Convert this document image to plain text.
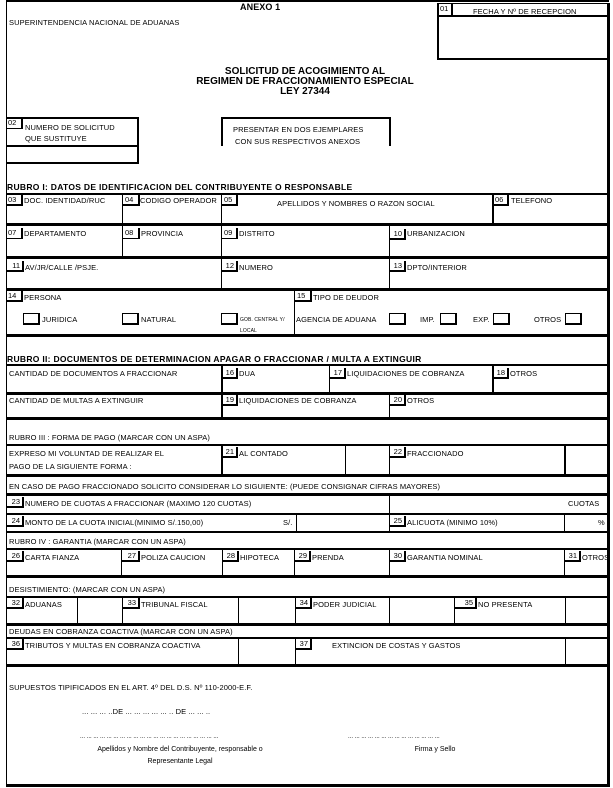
ANEXO 1
SUPERINTENDENCIA NACIONAL DE ADUANAS
01	FECHA Y Nº DE RECEPCION
SOLICITUD DE ACOGIMIENTO AL
REGIMEN DE FRACCIONAMIENTO ESPECIAL
LEY 27344
02
NUMERO DE SOLICITUD
QUE SUSTITUYE
PRESENTAR EN DOS EJEMPLARES
CON SUS RESPECTIVOS ANEXOS
RUBRO I: DATOS DE IDENTIFICACION DEL CONTRIBUYENTE O RESPONSABLE
03	DOC. IDENTIDAD/RUC	04 CODIGO OPERADOR 05	APELLIDOS Y NOMBRES O RAZON SOCIAL	06	TELEFONO
07	DEPARTAMENTO	08	PROVINCIA	09 DISTRITO	10 URBANIZACION
11 AV/JR/CALLE /PSJE.	12 NUMERO	13 DPTO/INTERIOR
14	PERSONA
JURIDICA	NATURAL	GOB. CENTRAL Y/
LOCAL
15	TIPO DE DEUDOR
AGENCIA DE ADUANA	IMP.	EXP.	OTROS
RUBRO II: DOCUMENTOS DE DETERMINACION APAGAR O FRACCIONAR / MULTA A EXTINGUIR
CANTIDAD DE DOCUMENTOS A FRACCIONAR	16 DUA	17 LIQUIDACIONES DE COBRANZA	18 OTROS
CANTIDAD DE MULTAS A EXTINGUIR	19 LIQUIDACIONES DE COBRANZA	20 OTROS
RUBRO III : FORMA DE PAGO (MARCAR CON UN ASPA)
EXPRESO MI VOLUNTAD DE REALIZAR EL
PAGO DE LA SIGUIENTE FORMA :
21 AL CONTADO	22 FRACCIONADO
EN CASO DE PAGO FRACCIONADO SOLICITO CONSIDERAR LO SIGUIENTE: (PUEDE CONSIGNAR CIFRAS MAYORES)
23 NUMERO DE CUOTAS A FRACCIONAR (MAXIMO 120 CUOTAS)	CUOTAS
24 MONTO DE LA CUOTA INICIAL(MINIMO S/.150,00)	S/.	25 ALICUOTA (MINIMO 10%)	%
RUBRO IV : GARANTIA (MARCAR CON UN ASPA)
26 CARTA FIANZA	27 POLIZA CAUCION	28 HIPOTECA	29 PRENDA	30 GARANTIA NOMINAL	31 OTROS
DESISTIMIENTO: (MARCAR CON UN ASPA)
32 ADUANAS	33 TRIBUNAL FISCAL	34 PODER JUDICIAL	35 NO PRESENTA
DEUDAS EN COBRANZA COACTIVA (MARCAR CON UN ASPA)
36 TRIBUTOS Y MULTAS EN COBRANZA COACTIVA	37	EXTINCION DE COSTAS Y GASTOS
SUPUESTOS TIPIFICADOS EN EL ART. 4º DEL D.S. Nº 110-2000-E.F.
... ... ... ..DE ... ... ... ... ... .. DE ... ... ..
... ... ... ... ... ... ... ... ... ... ... ... ... ... ... ... ... ... ... ... ...	... ... ... ... ... ... ... ... ... ... ... ... ... ...
Apellidos y Nombre del Contribuyente, responsable o
Representante Legal
Firma y Sello
